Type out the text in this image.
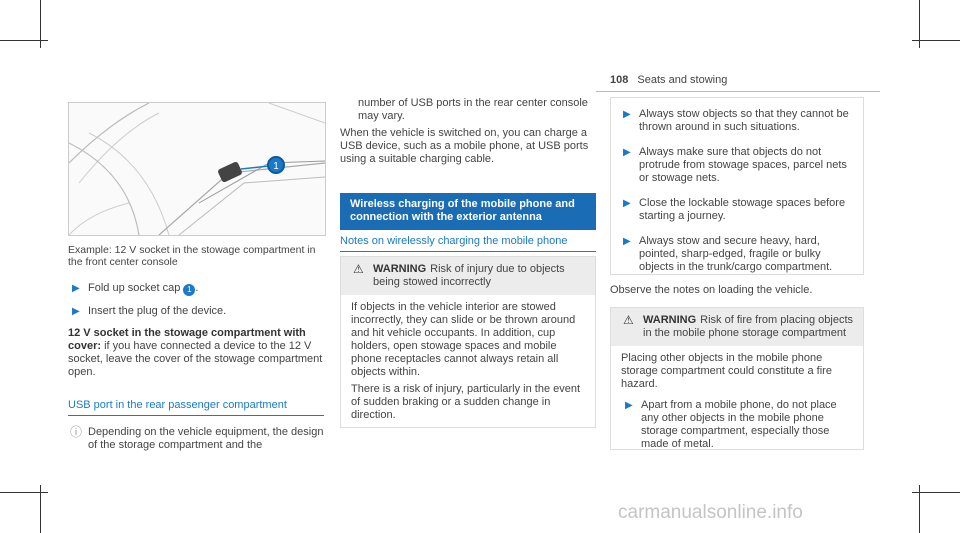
108 Seats and stowing
1
Example: 12 V socket in the stowage compartment in the front center console
▶ Fold up socket cap 1 .
▶ Insert the plug of the device.

12 V socket in the stowage compartment with cover: if you have connected a device to the 12 V socket, leave the cover of the stowage compartment open.

USB port in the rear passenger compartment
ⓘ Depending on the vehicle equipment, the design of the storage compartment and the

number of USB ports in the rear center console may vary.

When the vehicle is switched on, you can charge a USB device, such as a mobile phone, at USB ports using a suitable charging cable.

Wireless charging of the mobile phone and connection with the exterior antenna
Notes on wirelessly charging the mobile phone
⚠ WARNING Risk of injury due to objects being stowed incorrectly

If objects in the vehicle interior are stowed incorrectly, they can slide or be thrown around and hit vehicle occupants. In addition, cup holders, open stowage spaces and mobile phone receptacles cannot always retain all objects within.

There is a risk of injury, particularly in the event of sudden braking or a sudden change in direction.

▶ Always stow objects so that they cannot be thrown around in such situations.
▶ Always make sure that objects do not protrude from stowage spaces, parcel nets or stowage nets.
▶ Close the lockable stowage spaces before starting a journey.
▶ Always stow and secure heavy, hard, pointed, sharp-edged, fragile or bulky objects in the trunk/cargo compartment.
Observe the notes on loading the vehicle.
⚠ WARNING Risk of fire from placing objects in the mobile phone storage compartment

Placing other objects in the mobile phone storage compartment could constitute a fire hazard.

▶ Apart from a mobile phone, do not place any other objects in the mobile phone storage compartment, especially those made of metal.
carmanualsonline.info
